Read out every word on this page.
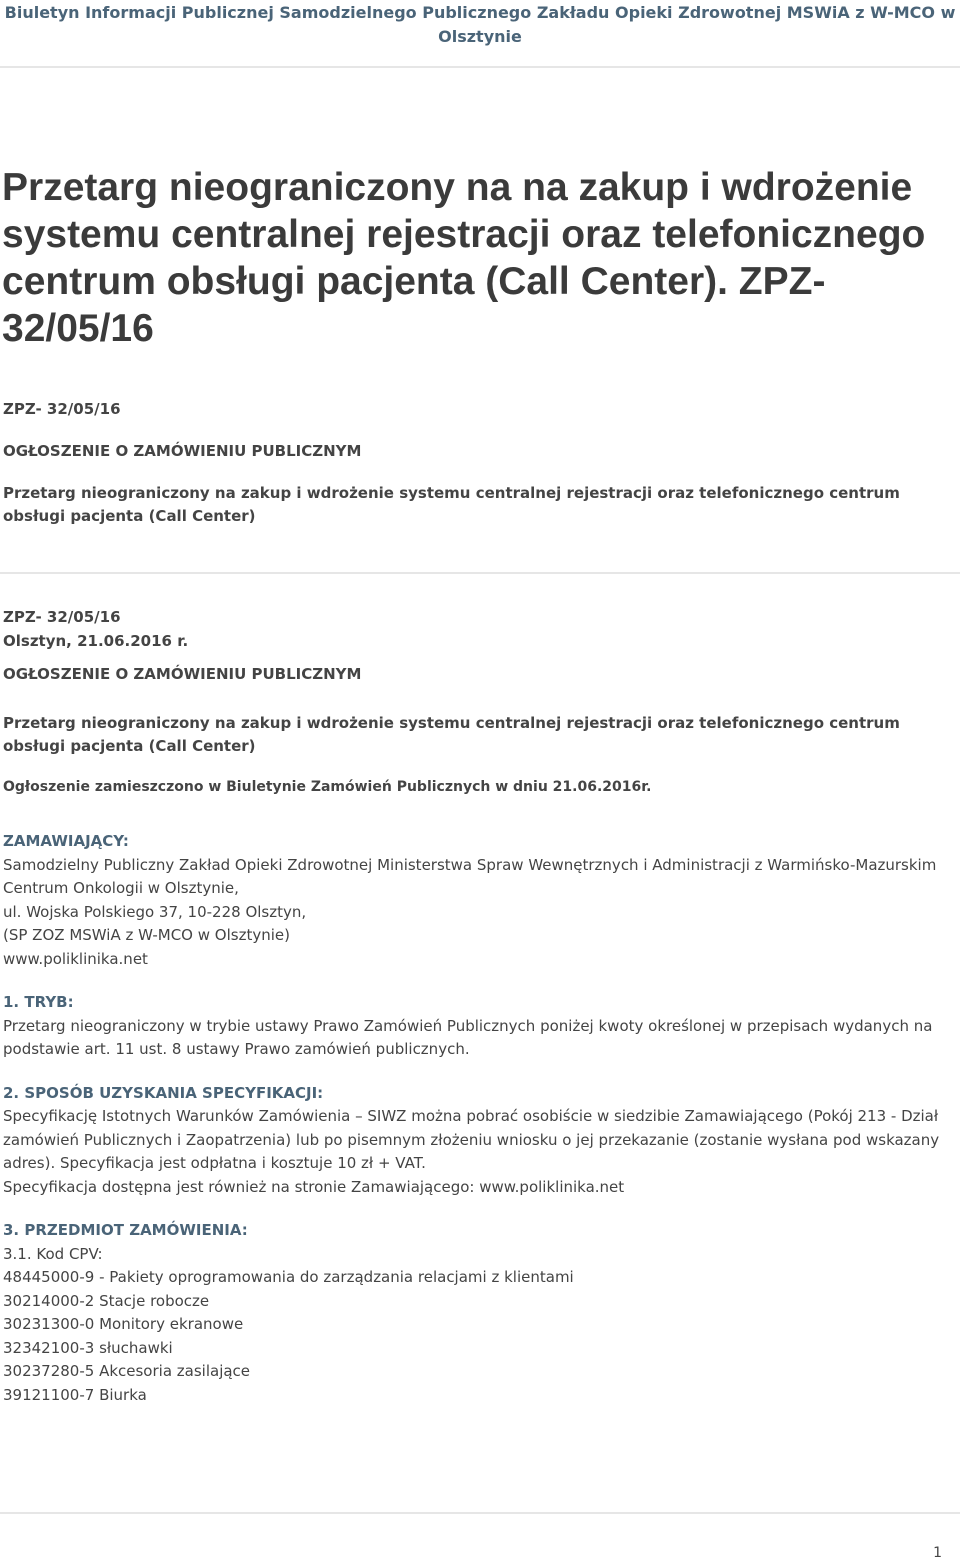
Biuletyn Informacji Publicznej Samodzielnego Publicznego Zakładu Opieki Zdrowotnej MSWiA z W-MCO w Olsztynie
Przetarg nieograniczony na na zakup i wdrożenie systemu centralnej rejestracji oraz telefonicznego centrum obsługi pacjenta (Call Center). ZPZ-32/05/16

ZPZ- 32/05/16

OGŁOSZENIE O ZAMÓWIENIU PUBLICZNYM

Przetarg nieograniczony na zakup i wdrożenie systemu centralnej rejestracji oraz telefonicznego centrum obsługi pacjenta (Call Center)

ZPZ- 32/05/16

Olsztyn, 21.06.2016 r.

OGŁOSZENIE O ZAMÓWIENIU PUBLICZNYM

Przetarg nieograniczony na zakup i wdrożenie systemu centralnej rejestracji oraz telefonicznego centrum obsługi pacjenta (Call Center)

Ogłoszenie zamieszczono w Biuletynie Zamówień Publicznych w dniu 21.06.2016r.

ZAMAWIAJĄCY:

Samodzielny Publiczny Zakład Opieki Zdrowotnej Ministerstwa Spraw Wewnętrznych i Administracji z Warmińsko-Mazurskim Centrum Onkologii w Olsztynie,

ul. Wojska Polskiego 37, 10-228 Olsztyn,

(SP ZOZ MSWiA z W-MCO w Olsztynie)

www.poliklinika.net

1. TRYB:

Przetarg nieograniczony w trybie ustawy Prawo Zamówień Publicznych poniżej kwoty określonej w przepisach wydanych na podstawie art. 11 ust. 8 ustawy Prawo zamówień publicznych.

2. SPOSÓB UZYSKANIA SPECYFIKACJI:

Specyfikację Istotnych Warunków Zamówienia – SIWZ można pobrać osobiście w siedzibie Zamawiającego (Pokój 213 - Dział zamówień Publicznych i Zaopatrzenia) lub po pisemnym złożeniu wniosku o jej przekazanie (zostanie wysłana pod wskazany adres). Specyfikacja jest odpłatna i kosztuje 10 zł + VAT.

Specyfikacja dostępna jest również na stronie Zamawiającego: www.poliklinika.net

3. PRZEDMIOT ZAMÓWIENIA:

3.1. Kod CPV:

48445000-9 - Pakiety oprogramowania do zarządzania relacjami z klientami

30214000-2 Stacje robocze

30231300-0 Monitory ekranowe

32342100-3 słuchawki

30237280-5 Akcesoria zasilające

39121100-7 Biurka

1
